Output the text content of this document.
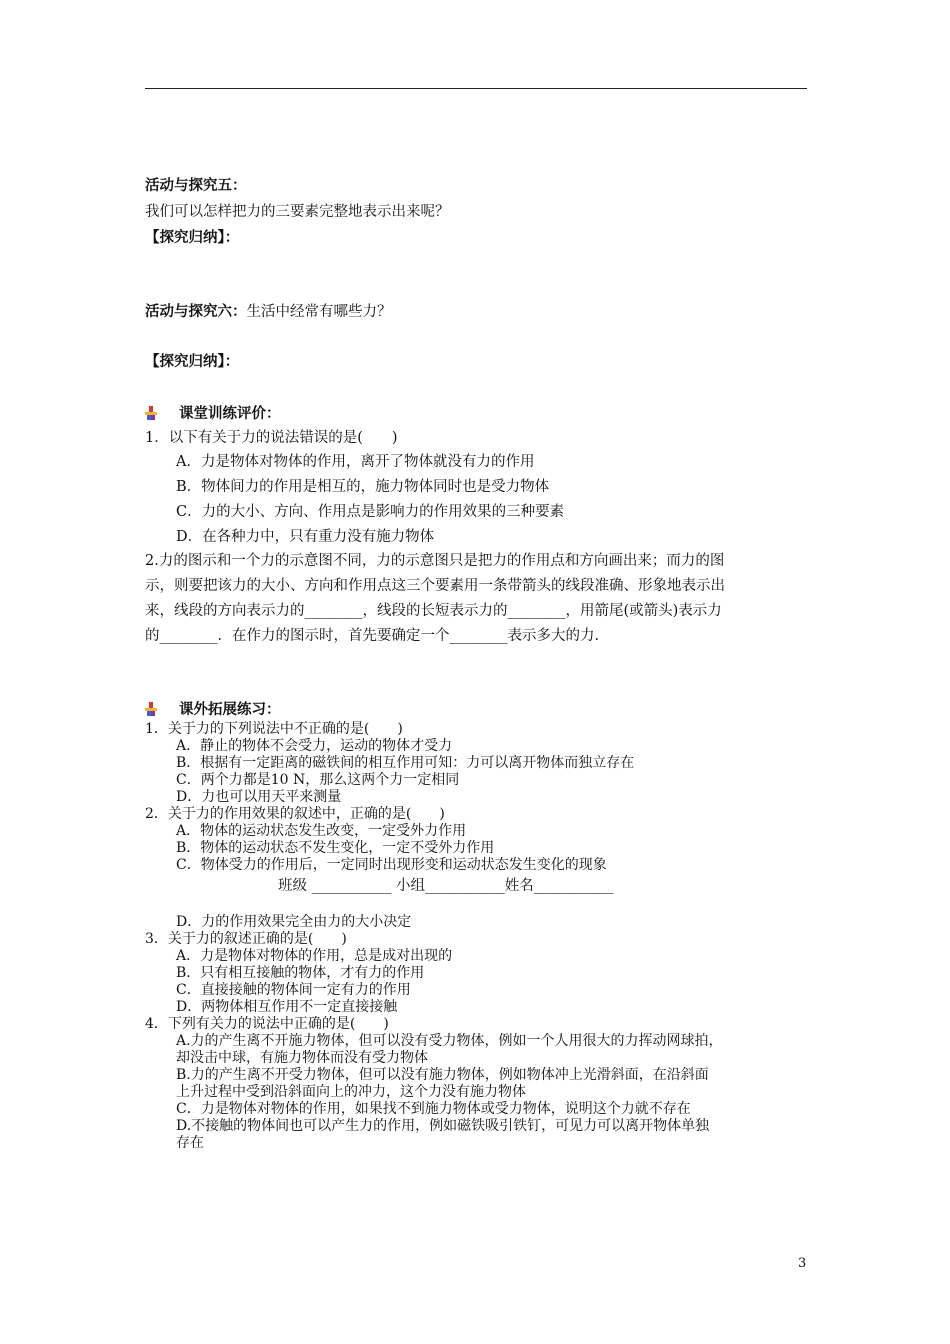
活动与探究五：
我们可以怎样把力的三要素完整地表示出来呢？
【探究归纳】：
活动与探究六：生活中经常有哪些力？
【探究归纳】：
课堂训练评价：
1．以下有关于力的说法错误的是(　　)
A．力是物体对物体的作用，离开了物体就没有力的作用
B．物体间力的作用是相互的，施力物体同时也是受力物体
C．力的大小、方向、作用点是影响力的作用效果的三种要素
D．在各种力中，只有重力没有施力物体
2.力的图示和一个力的示意图不同，力的示意图只是把力的作用点和方向画出来；而力的图
示，则要把该力的大小、方向和作用点这三个要素用一条带箭头的线段准确、形象地表示出
来，线段的方向表示力的________，线段的长短表示力的________，用箭尾(或箭头)表示力
的________．在作力的图示时，首先要确定一个________表示多大的力.
课外拓展练习：
1．关于力的下列说法中不正确的是(　　)
A．静止的物体不会受力，运动的物体才受力
B．根据有一定距离的磁铁间的相互作用可知：力可以离开物体而独立存在
C．两个力都是10 N，那么这两个力一定相同
D．力也可以用天平来测量
2．关于力的作用效果的叙述中，正确的是(　　)
A．物体的运动状态发生改变，一定受外力作用
B．物体的运动状态不发生变化，一定不受外力作用
C．物体受力的作用后，一定同时出现形变和运动状态发生变化的现象
班级 ___________ 小组___________姓名___________
D．力的作用效果完全由力的大小决定
3．关于力的叙述正确的是(　　)
A．力是物体对物体的作用，总是成对出现的
B．只有相互接触的物体，才有力的作用
C．直接接触的物体间一定有力的作用
D．两物体相互作用不一定直接接触
4．下列有关力的说法中正确的是(　　)
A.力的产生离不开施力物体，但可以没有受力物体，例如一个人用很大的力挥动网球拍，
却没击中球，有施力物体而没有受力物体
B.力的产生离不开受力物体，但可以没有施力物体，例如物体冲上光滑斜面，在沿斜面
上升过程中受到沿斜面向上的冲力，这个力没有施力物体
C．力是物体对物体的作用，如果找不到施力物体或受力物体，说明这个力就不存在
D.不接触的物体间也可以产生力的作用，例如磁铁吸引铁钉，可见力可以离开物体单独
存在
3
